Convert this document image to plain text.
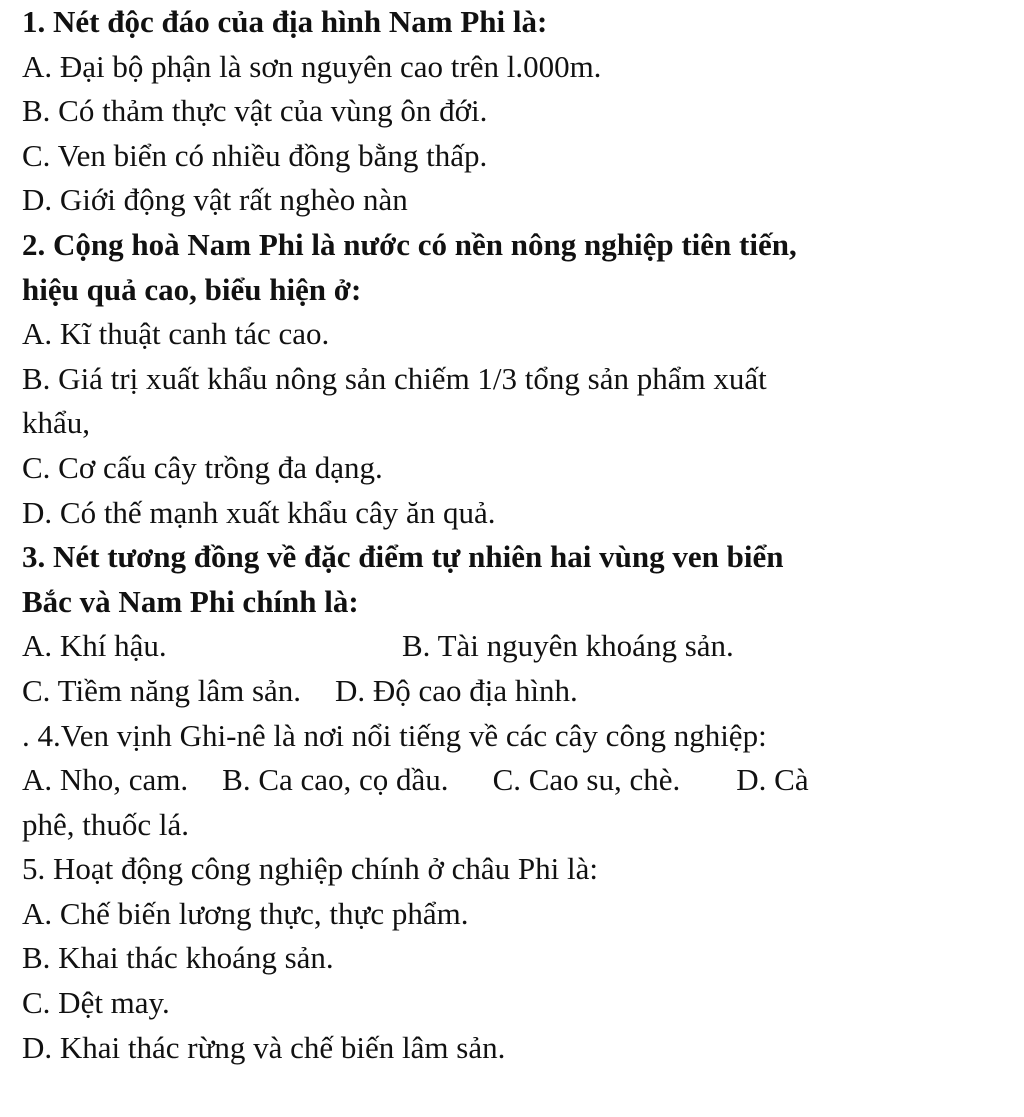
1. Nét độc đáo của địa hình Nam Phi là:

A. Đại bộ phận là sơn nguyên cao trên l.000m.

B. Có thảm thực vật của vùng ôn đới.

C. Ven biển có nhiều đồng bằng thấp.

D. Giới động vật rất nghèo nàn

2. Cộng hoà Nam Phi là nước có nền nông nghiệp tiên tiến,

hiệu quả cao, biểu hiện ở:

A. Kĩ thuật canh tác cao.

B. Giá trị xuất khẩu nông sản chiếm 1/3 tổng sản phẩm xuất

khẩu,

C. Cơ cấu cây trồng đa dạng.

D. Có thế mạnh xuất khẩu cây ăn quả.

3. Nét tương đồng về đặc điểm tự nhiên hai vùng ven biển

Bắc và Nam Phi chính là:

A. Khí hậu.	B. Tài nguyên khoáng sản.

C. Tiềm năng lâm sản. D. Độ cao địa hình.

. 4.Ven vịnh Ghi-nê là nơi nổi tiếng về các cây công nghiệp:

A. Nho, cam. B. Ca cao, cọ dầu. C. Cao su, chè. D. Cà

phê, thuốc lá.

5. Hoạt động công nghiệp chính ở châu Phi là:

A. Chế biến lương thực, thực phẩm.

B. Khai thác khoáng sản.

C. Dệt may.

D. Khai thác rừng và chế biến lâm sản.
